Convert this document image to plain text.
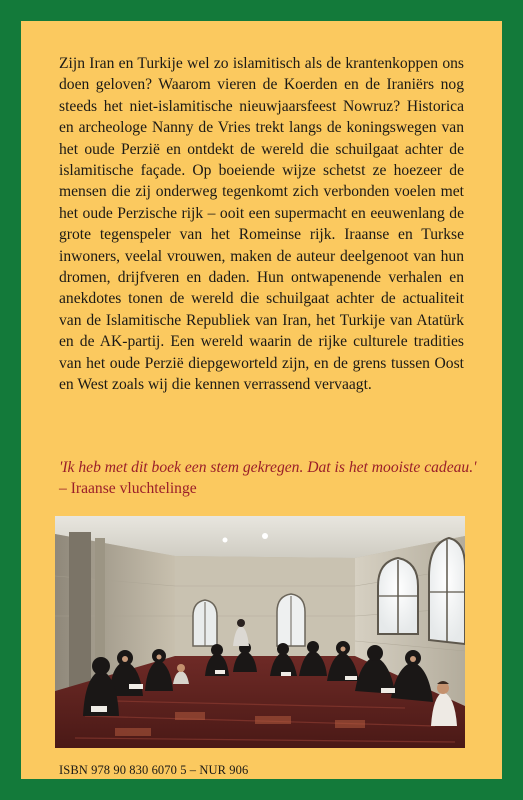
Zijn Iran en Turkije wel zo islamitisch als de krantenkoppen ons doen geloven? Waarom vieren de Koerden en de Iraniërs nog steeds het niet-islamitische nieuwjaarsfeest Nowruz? Historica en archeologe Nanny de Vries trekt langs de koningswegen van het oude Perzië en ontdekt de wereld die schuilgaat achter de islamitische façade. Op boeiende wijze schetst ze hoezeer de mensen die zij onderweg tegenkomt zich verbonden voelen met het oude Perzische rijk – ooit een supermacht en eeuwenlang de grote tegenspeler van het Romeinse rijk. Iraanse en Turkse inwoners, veelal vrouwen, maken de auteur deelgenoot van hun dromen, drijfveren en daden. Hun ontwapenende verhalen en anekdotes tonen de wereld die schuilgaat achter de actualiteit van de Islamitische Republiek van Iran, het Turkije van Atatürk en de AK-partij. Een wereld waarin de rijke culturele tradities van het oude Perzië diepgeworteld zijn, en de grens tussen Oost en West zoals wij die kennen verrassend vervaagt.

'Ik heb met dit boek een stem gekregen. Dat is het mooiste cadeau.'

– Iraanse vluchtelinge

ISBN 978 90 830 6070 5 – NUR 906
